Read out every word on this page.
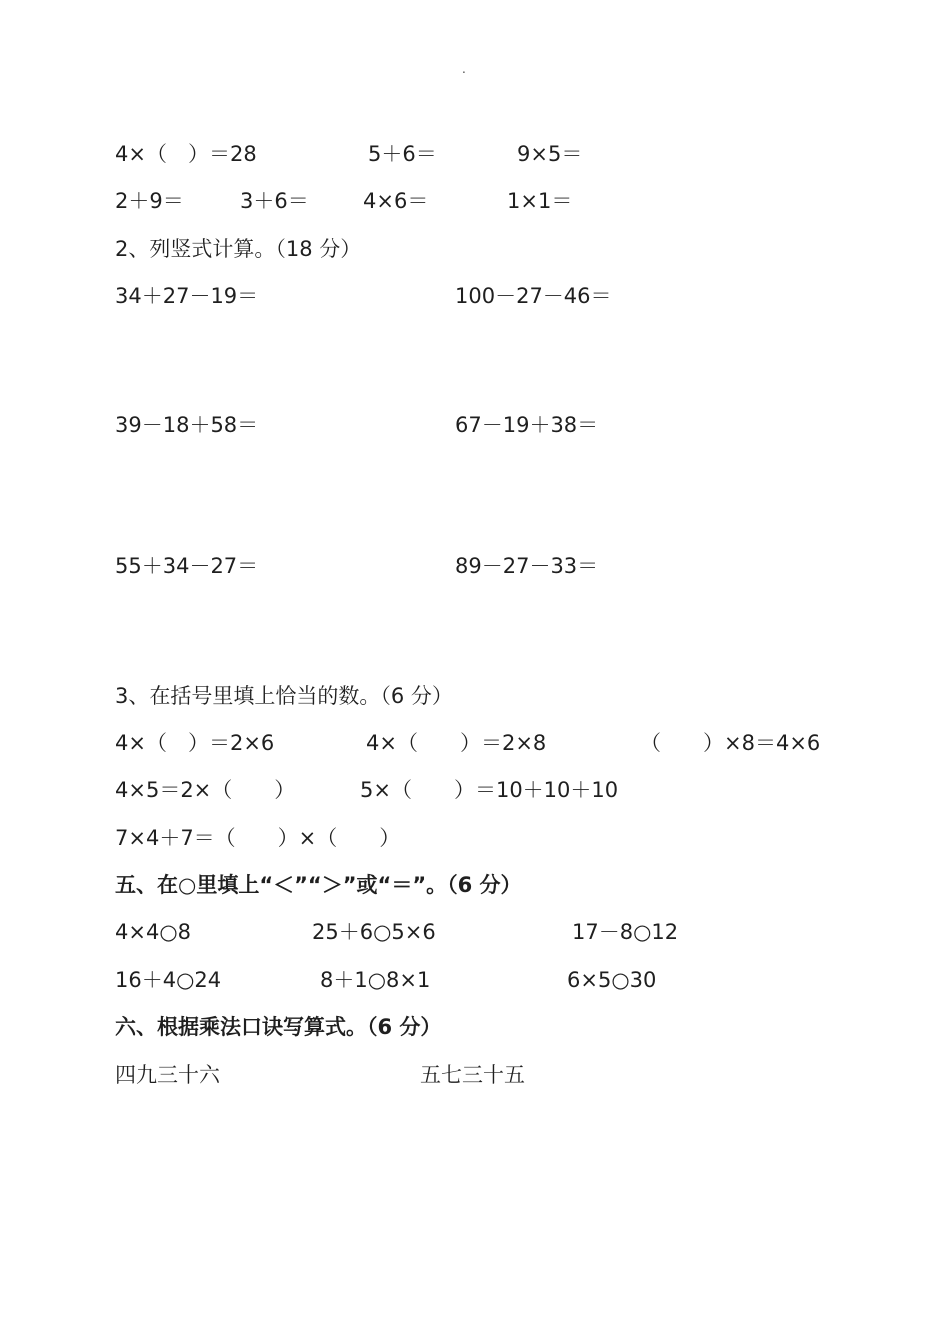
.
4×（　）＝28	5＋6＝	9×5＝
2＋9＝	3＋6＝	4×6＝	1×1＝
2、列竖式计算。（18 分）
34＋27－19＝	100－27－46＝
39－18＋58＝	67－19＋38＝
55＋34－27＝	89－27－33＝
3、在括号里填上恰当的数。（6 分）
4×（　）＝2×6	4×（　　）＝2×8	（　　）×8＝4×6
4×5＝2×（　　）	5×（　　）＝10＋10＋10
7×4＋7＝（　　）×（　　）
五、在○里填上“＜”“＞”或“＝”。（6 分）
4×4○8	25＋6○5×6	17－8○12
16＋4○24	8＋1○8×1	6×5○30
六、根据乘法口诀写算式。（6 分）
四九三十六	五七三十五
